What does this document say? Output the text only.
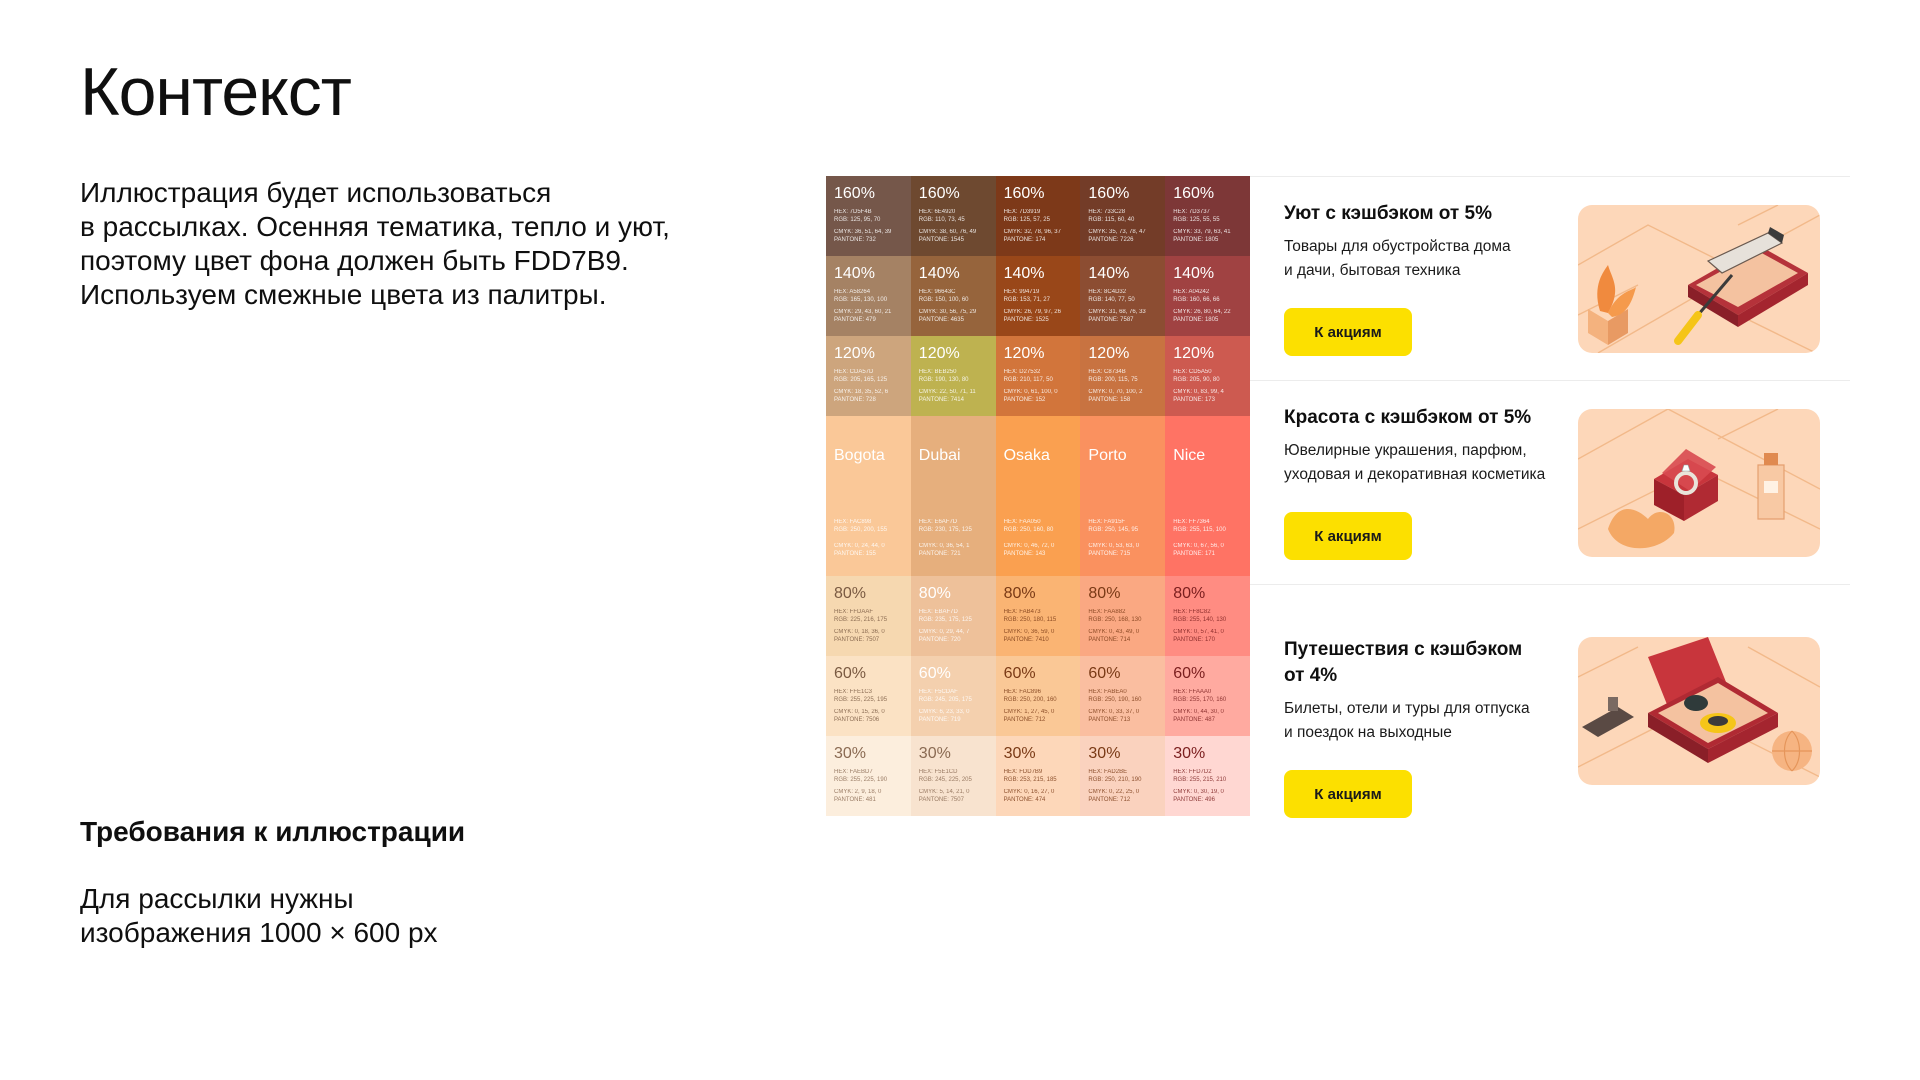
Контекст

Иллюстрация будет использоваться
в рассылках. Осенняя тематика, тепло и уют,
поэтому цвет фона должен быть FDD7B9.
Используем смежные цвета из палитры.

Требования к иллюстрации

Для рассылки нужны
изображения 1000 × 600 px

160%
HEX: 7D5F4B
RGB: 125, 95, 70
CMYK: 36, 51, 64, 39
PANTONE: 732
160%
HEX: 6E4920
RGB: 110, 73, 45
CMYK: 38, 60, 76, 49
PANTONE: 1545
160%
HEX: 7D3919
RGB: 125, 57, 25
CMYK: 32, 78, 96, 37
PANTONE: 174
160%
HEX: 733C28
RGB: 115, 60, 40
CMYK: 35, 73, 78, 47
PANTONE: 7226
160%
HEX: 7D3737
RGB: 125, 55, 55
CMYK: 33, 79, 63, 41
PANTONE: 1805
140%
HEX: A58264
RGB: 165, 130, 100
CMYK: 29, 43, 60, 21
PANTONE: 479
140%
HEX: 96643C
RGB: 150, 100, 60
CMYK: 30, 56, 75, 29
PANTONE: 4635
140%
HEX: 994719
RGB: 153, 71, 27
CMYK: 26, 79, 97, 26
PANTONE: 1525
140%
HEX: 8C4D32
RGB: 140, 77, 50
CMYK: 31, 68, 76, 33
PANTONE: 7587
140%
HEX: A04242
RGB: 160, 66, 66
CMYK: 26, 80, 64, 22
PANTONE: 1805
120%
HEX: CDA57D
RGB: 205, 165, 125
CMYK: 18, 35, 52, 6
PANTONE: 728
120%
HEX: BEB250
RGB: 190, 130, 80
CMYK: 22, 50, 71, 11
PANTONE: 7414
120%
HEX: D27532
RGB: 210, 117, 50
CMYK: 0, 61, 100, 0
PANTONE: 152
120%
HEX: C8734B
RGB: 200, 115, 75
CMYK: 0, 70, 100, 2
PANTONE: 158
120%
HEX: CD5A50
RGB: 205, 90, 80
CMYK: 0, 83, 99, 4
PANTONE: 173
Bogota
HEX: FAC898
RGB: 250, 200, 155
CMYK: 0, 24, 44, 0
PANTONE: 155
Dubai
HEX: E6AF7D
RGB: 230, 175, 125
CMYK: 0, 36, 54, 1
PANTONE: 721
Osaka
HEX: FAA050
RGB: 250, 160, 80
CMYK: 0, 46, 72, 0
PANTONE: 143
Porto
HEX: FA915F
RGB: 250, 145, 95
CMYK: 0, 53, 63, 0
PANTONE: 715
Nice
HEX: FF7364
RGB: 255, 115, 100
CMYK: 0, 67, 56, 0
PANTONE: 171
80%
HEX: FFDAAF
RGB: 225, 216, 175
CMYK: 0, 18, 36, 0
PANTONE: 7507
80%
HEX: EBAF7D
RGB: 235, 175, 125
CMYK: 0, 29, 44, 7
PANTONE: 720
80%
HEX: FAB473
RGB: 250, 180, 115
CMYK: 0, 36, 59, 0
PANTONE: 7410
80%
HEX: FAA882
RGB: 250, 168, 130
CMYK: 0, 43, 49, 0
PANTONE: 714
80%
HEX: FF8C82
RGB: 255, 140, 130
CMYK: 0, 57, 41, 0
PANTONE: 170
60%
HEX: FFE1C3
RGB: 255, 225, 195
CMYK: 0, 15, 26, 0
PANTONE: 7506
60%
HEX: F5CDAF
RGB: 245, 205, 175
CMYK: 6, 23, 33, 0
PANTONE: 719
60%
HEX: FAC896
RGB: 250, 200, 160
CMYK: 1, 27, 45, 0
PANTONE: 712
60%
HEX: FABEA0
RGB: 250, 190, 160
CMYK: 0, 33, 37, 0
PANTONE: 713
60%
HEX: FFAAA0
RGB: 255, 170, 160
CMYK: 0, 44, 30, 0
PANTONE: 487
30%
HEX: FAEBD7
RGB: 255, 225, 190
CMYK: 2, 9, 18, 0
PANTONE: 481
30%
HEX: F5E1CD
RGB: 245, 225, 205
CMYK: 5, 14, 21, 0
PANTONE: 7507
30%
HEX: FDD7B9
RGB: 253, 215, 185
CMYK: 0, 16, 27, 0
PANTONE: 474
30%
HEX: FAD2BE
RGB: 250, 210, 190
CMYK: 0, 22, 25, 0
PANTONE: 712
30%
HEX: FFD7D2
RGB: 255, 215, 210
CMYK: 0, 30, 19, 0
PANTONE: 496

Уют с кэшбэком от 5%

Товары для обустройства дома
и дачи, бытовая техника

К акциям

Красота с кэшбэком от 5%

Ювелирные украшения, парфюм,
уходовая и декоративная косметика

К акциям

Путешествия с кэшбэком
от 4%

Билеты, отели и туры для отпуска
и поездок на выходные

К акциям
